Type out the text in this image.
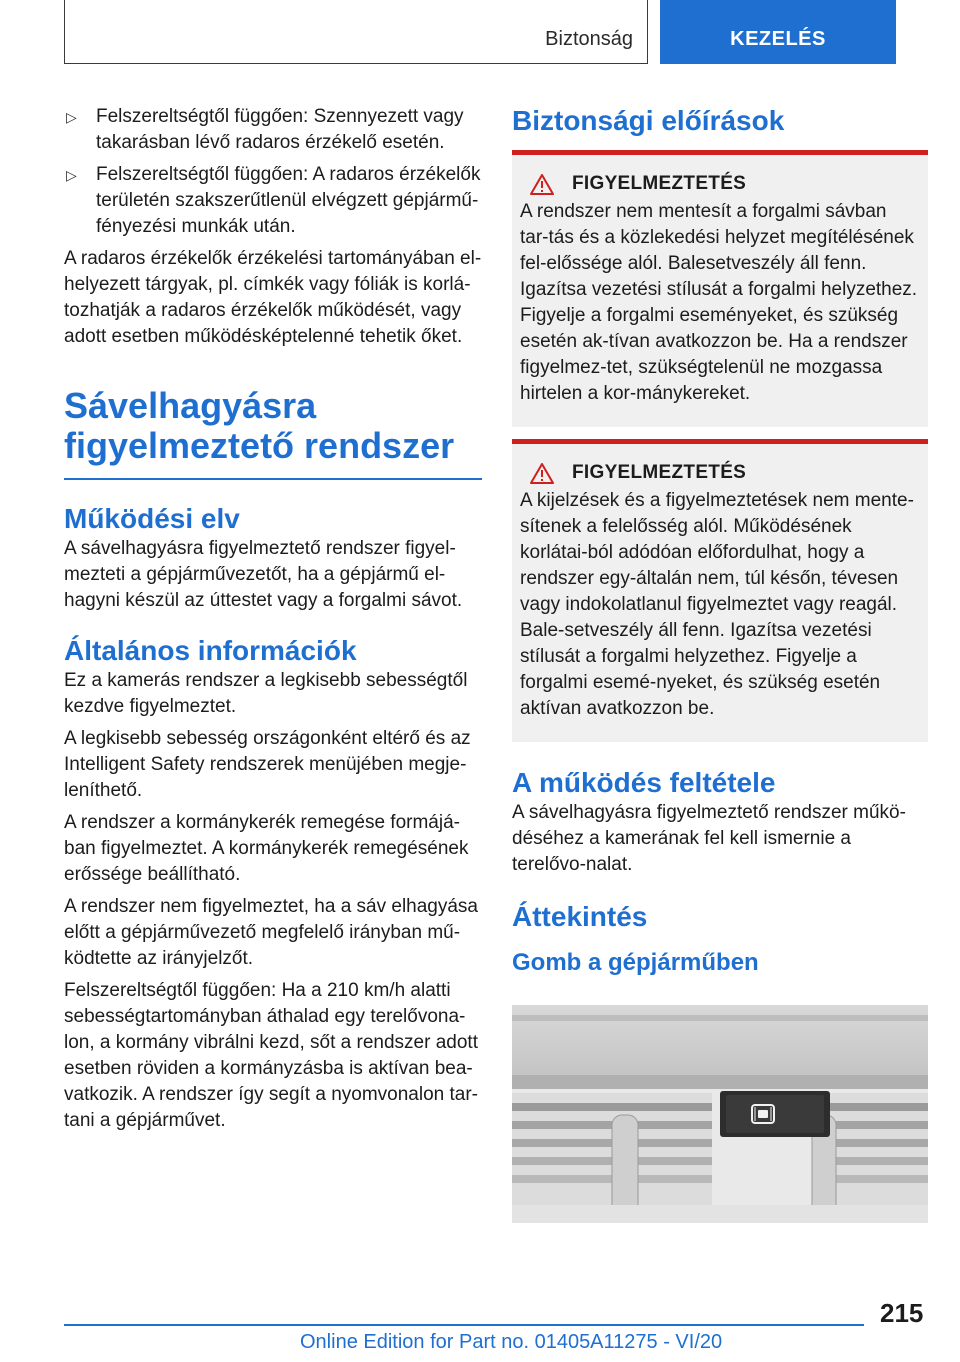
Biztonság	KEZELÉS

▷ Felszereltségtől függően: Szennyezett vagy takarásban lévő radaros érzékelő esetén.

▷ Felszereltségtől függően: A radaros érzékelők területén szakszerűtlenül elvégzett gépjármű-fényezési munkák után.

A radaros érzékelők érzékelési tartományában el-helyezett tárgyak, pl. címkék vagy fóliák is korlá-tozhatják a radaros érzékelők működését, vagy adott esetben működésképtelenné tehetik őket.

Sávelhagyásra
figyelmeztető rendszer
Működési elv

A sávelhagyásra figyelmeztető rendszer figyel-mezteti a gépjárművezetőt, ha a gépjármű el-hagyni készül az úttestet vagy a forgalmi sávot.

Általános információk

Ez a kamerás rendszer a legkisebb sebességtől kezdve figyelmeztet.

A legkisebb sebesség országonként eltérő és az Intelligent Safety rendszerek menüjében megje-leníthető.

A rendszer a kormánykerék remegése formájá-ban figyelmeztet. A kormánykerék remegésének erőssége beállítható.

A rendszer nem figyelmeztet, ha a sáv elhagyása előtt a gépjárművezető megfelelő irányban mű-ködtette az irányjelzőt.

Felszereltségtől függően: Ha a 210 km/h alatti sebességtartományban áthalad egy terelővona-lon, a kormány vibrálni kezd, sőt a rendszer adott esetben röviden a kormányzásba is aktívan bea-vatkozik. A rendszer így segít a nyomvonalon tar-tani a gépjárművet.

Biztonsági előírások
FIGYELMEZTETÉS

A rendszer nem mentesít a forgalmi sávban tar-tás és a közlekedési helyzet megítélésének fel-előssége alól. Balesetveszély áll fenn. Igazítsa vezetési stílusát a forgalmi helyzethez. Figyelje a forgalmi eseményeket, és szükség esetén ak-tívan avatkozzon be. Ha a rendszer figyelmez-tet, szükségtelenül ne mozgassa hirtelen a kor-mánykereket.

FIGYELMEZTETÉS

A kijelzések és a figyelmeztetések nem mente-sítenek a felelősség alól. Működésének korlátai-ból adódóan előfordulhat, hogy a rendszer egy-általán nem, túl későn, tévesen vagy indokolatlanul figyelmeztet vagy reagál. Bale-setveszély áll fenn. Igazítsa vezetési stílusát a forgalmi helyzethez. Figyelje a forgalmi esemé-nyeket, és szükség esetén aktívan avatkozzon be.

A működés feltétele

A sávelhagyásra figyelmeztető rendszer műkö-déséhez a kamerának fel kell ismernie a terelővo-nalat.

Áttekintés
Gomb a gépjárműben
215
Online Edition for Part no. 01405A11275 - VI/20
